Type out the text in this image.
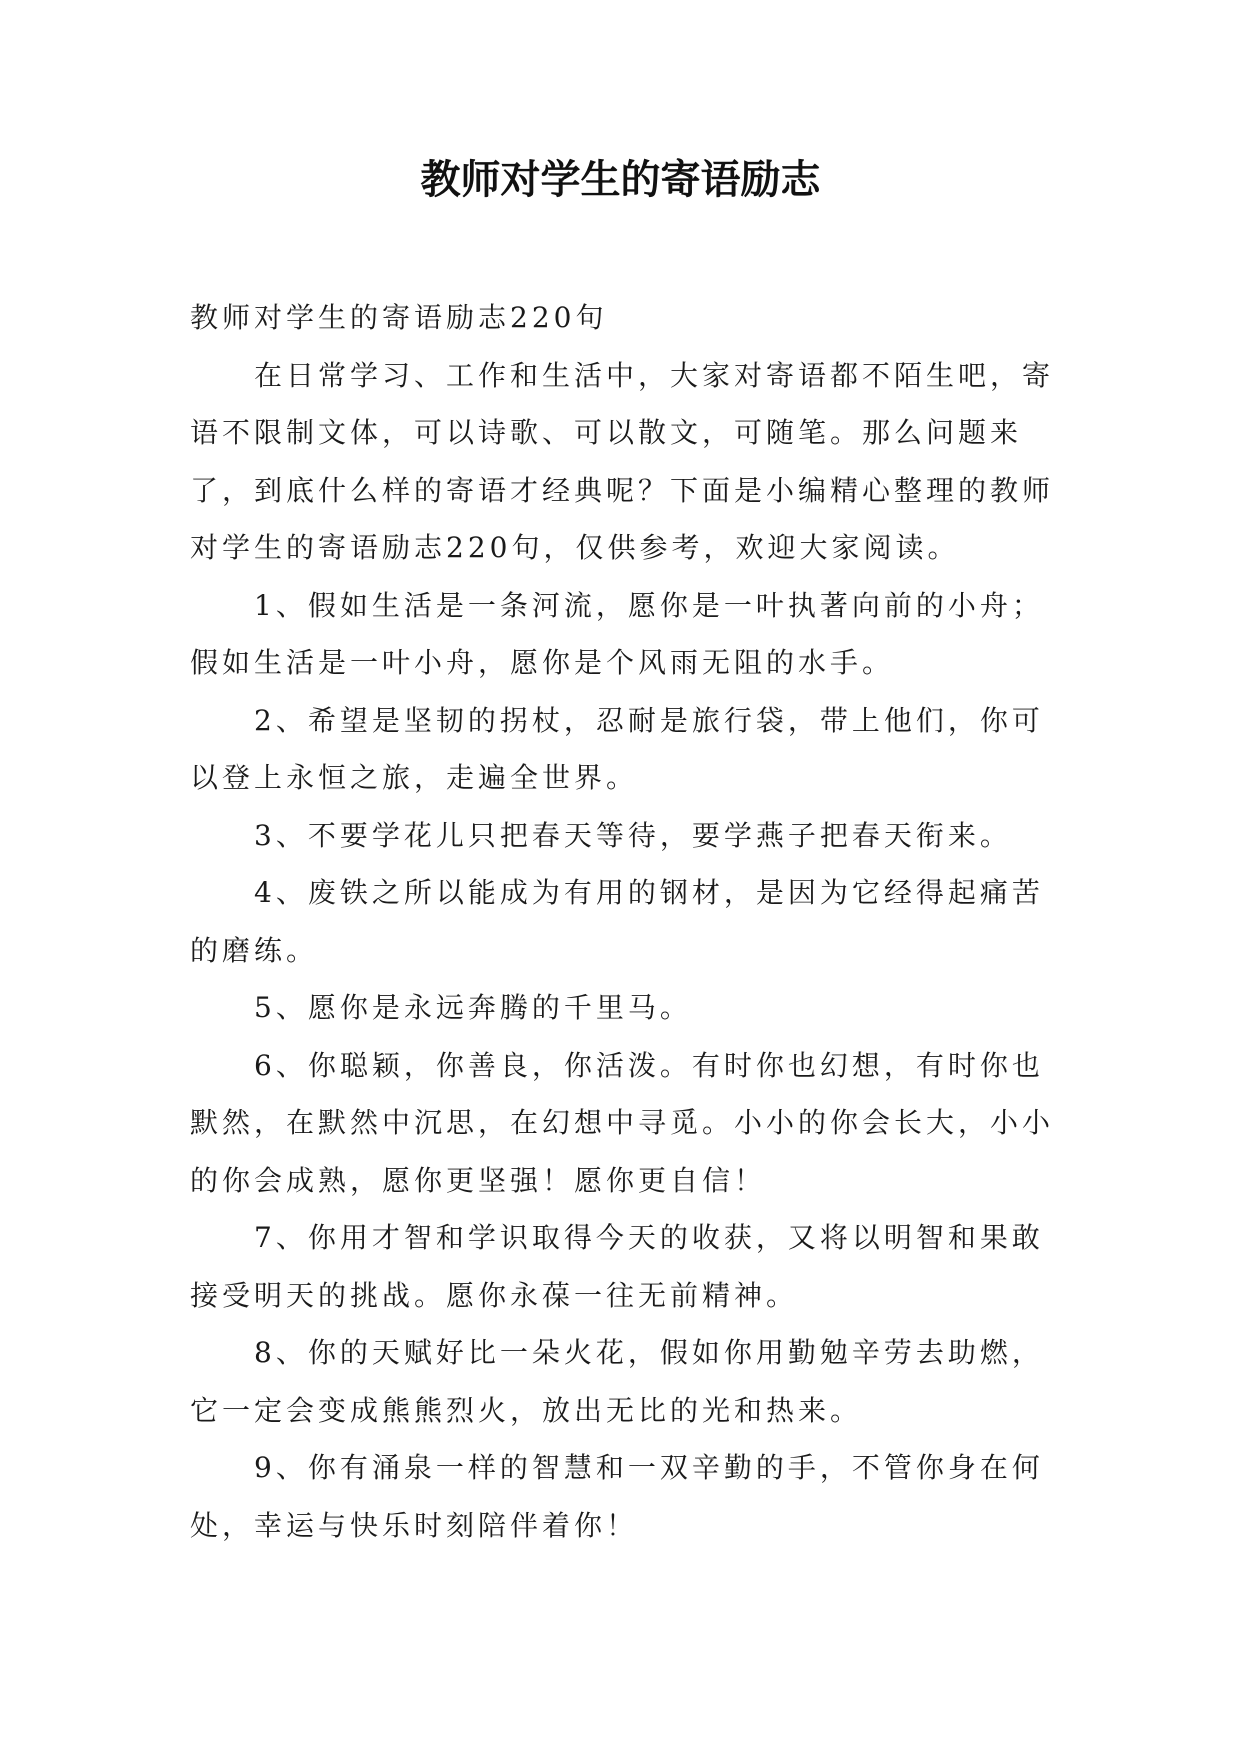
教师对学生的寄语励志

教师对学生的寄语励志220句

在日常学习、工作和生活中，大家对寄语都不陌生吧，寄语不限制文体，可以诗歌、可以散文，可随笔。那么问题来了，到底什么样的寄语才经典呢？下面是小编精心整理的教师对学生的寄语励志220句，仅供参考，欢迎大家阅读。

1、假如生活是一条河流，愿你是一叶执著向前的小舟；假如生活是一叶小舟，愿你是个风雨无阻的水手。

2、希望是坚韧的拐杖，忍耐是旅行袋，带上他们，你可以登上永恒之旅，走遍全世界。

3、不要学花儿只把春天等待，要学燕子把春天衔来。

4、废铁之所以能成为有用的钢材，是因为它经得起痛苦的磨练。

5、愿你是永远奔腾的千里马。

6、你聪颖，你善良，你活泼。有时你也幻想，有时你也默然，在默然中沉思，在幻想中寻觅。小小的你会长大，小小的你会成熟，愿你更坚强！愿你更自信！

7、你用才智和学识取得今天的收获，又将以明智和果敢接受明天的挑战。愿你永葆一往无前精神。

8、你的天赋好比一朵火花，假如你用勤勉辛劳去助燃，它一定会变成熊熊烈火，放出无比的光和热来。

9、你有涌泉一样的智慧和一双辛勤的手，不管你身在何处，幸运与快乐时刻陪伴着你！
